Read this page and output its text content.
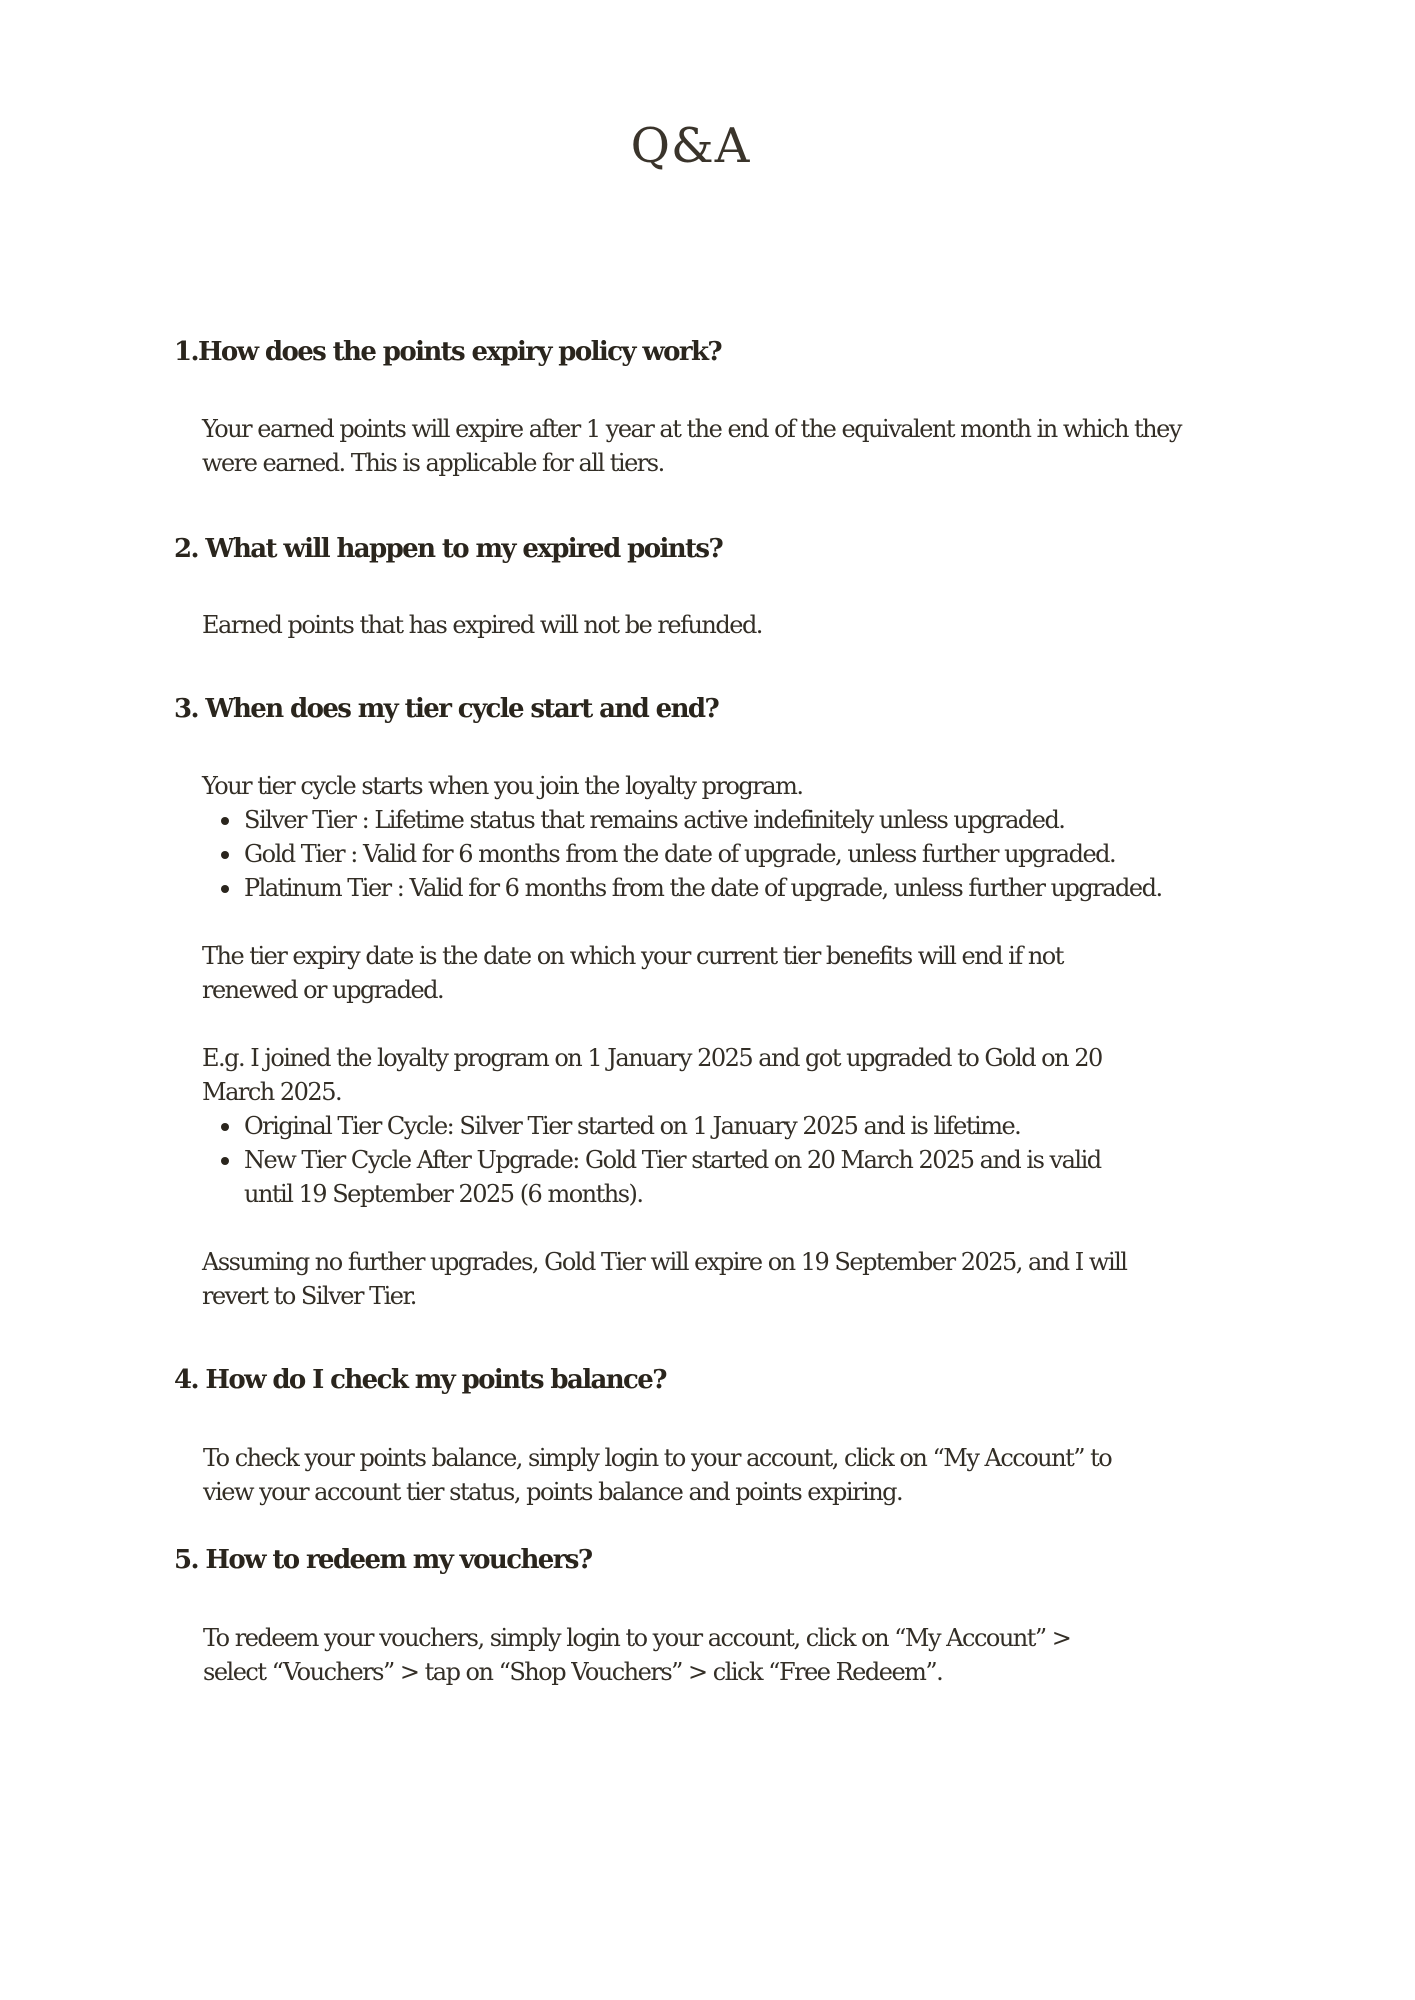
Q&A
1.How does the points expiry policy work?

Your earned points will expire after 1 year at the end of the equivalent month in which they were earned. This is applicable for all tiers.

2. What will happen to my expired points?

Earned points that has expired will not be refunded.

3. When does my tier cycle start and end?

Your tier cycle starts when you join the loyalty program.

Silver Tier : Lifetime status that remains active indefinitely unless upgraded.
Gold Tier : Valid for 6 months from the date of upgrade, unless further upgraded.
Platinum Tier : Valid for 6 months from the date of upgrade, unless further upgraded.

The tier expiry date is the date on which your current tier benefits will end if not renewed or upgraded.

E.g. I joined the loyalty program on 1 January 2025 and got upgraded to Gold on 20 March 2025.

Original Tier Cycle: Silver Tier started on 1 January 2025 and is lifetime.
New Tier Cycle After Upgrade: Gold Tier started on 20 March 2025 and is valid until 19 September 2025 (6 months).

Assuming no further upgrades, Gold Tier will expire on 19 September 2025, and I will revert to Silver Tier.

4. How do I check my points balance?

To check your points balance, simply login to your account, click on “My Account” to view your account tier status, points balance and points expiring.

5. How to redeem my vouchers?

To redeem your vouchers, simply login to your account, click on “My Account” > select “Vouchers” > tap on “Shop Vouchers” > click “Free Redeem”.
